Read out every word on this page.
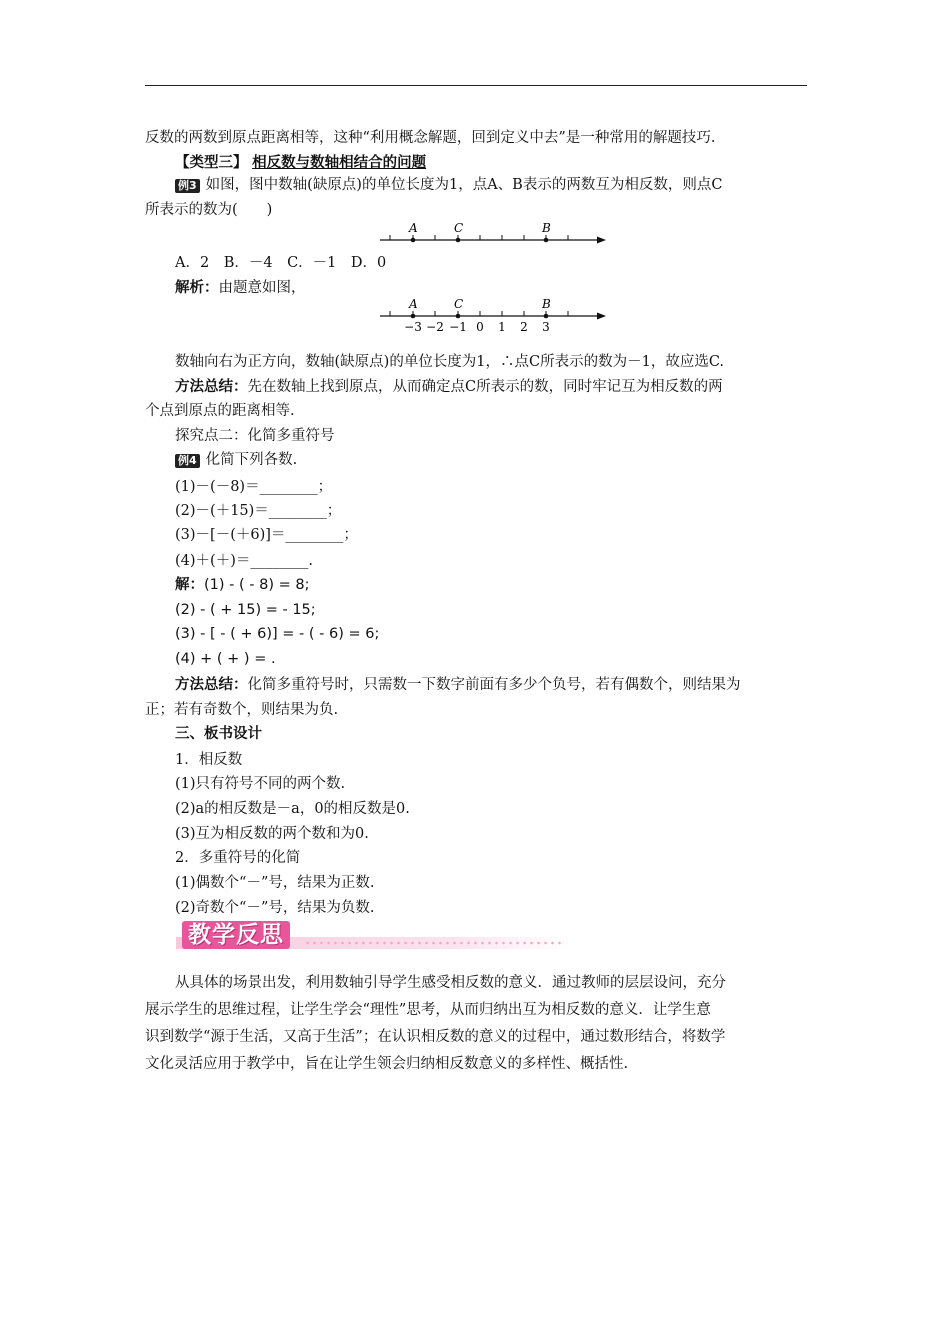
反数的两数到原点距离相等，这种“利用概念解题，回到定义中去”是一种常用的解题技巧.
【类型三】 相反数与数轴相结合的问题
例3 如图，图中数轴(缺原点)的单位长度为1，点A、B表示的两数互为相反数，则点C
所表示的数为(　　)
A	C	B
A．2　B．－4　C．－1　D．0
解析：由题意如图，
A	C	B
−3 −2 −1 0 1 2 3
数轴向右为正方向，数轴(缺原点)的单位长度为1，∴点C所表示的数为－1，故应选C.
方法总结：先在数轴上找到原点，从而确定点C所表示的数，同时牢记互为相反数的两
个点到原点的距离相等.
探究点二：化简多重符号
例4 化简下列各数.
(1)－(－8)＝________；
(2)－(＋15)＝________；
(3)－[－(＋6)]＝________；
(4)＋(＋)＝________.
解：(1) - ( - 8) = 8;
(2) - ( + 15) = - 15;
(3) - [ - ( + 6)] = - ( - 6) = 6;
(4) + ( + ) = .
方法总结：化简多重符号时，只需数一下数字前面有多少个负号，若有偶数个，则结果为
正；若有奇数个，则结果为负.
三、板书设计
1．相反数
(1)只有符号不同的两个数.
(2)a的相反数是－a，0的相反数是0.
(3)互为相反数的两个数和为0.
2．多重符号的化简
(1)偶数个“－”号，结果为正数.
(2)奇数个“－”号，结果为负数.
教学反思
从具体的场景出发，利用数轴引导学生感受相反数的意义．通过教师的层层设问，充分
展示学生的思维过程，让学生学会“理性”思考，从而归纳出互为相反数的意义．让学生意
识到数学“源于生活，又高于生活”；在认识相反数的意义的过程中，通过数形结合，将数学
文化灵活应用于教学中，旨在让学生领会归纳相反数意义的多样性、概括性.
